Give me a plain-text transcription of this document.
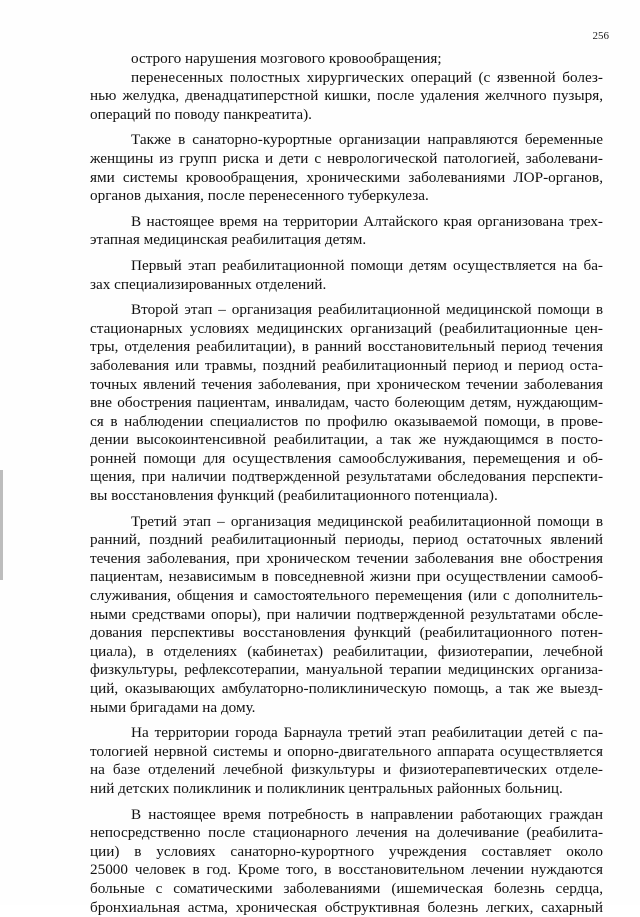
256
острого нарушения мозгового кровообращения;
перенесенных полостных хирургических операций (с язвенной болез-
нью желудка, двенадцатиперстной кишки, после удаления желчного пузыря,
операций по поводу панкреатита).
Также в санаторно-курортные организации направляются беременные
женщины из групп риска и дети с неврологической патологией, заболевани-
ями системы кровообращения, хроническими заболеваниями ЛОР-органов,
органов дыхания, после перенесенного туберкулеза.
В настоящее время на территории Алтайского края организована трех-
этапная медицинская реабилитация детям.
Первый этап реабилитационной помощи детям осуществляется на ба-
зах специализированных отделений.
Второй этап – организация реабилитационной медицинской помощи в
стационарных условиях медицинских организаций (реабилитационные цен-
тры, отделения реабилитации), в ранний восстановительный период течения
заболевания или травмы, поздний реабилитационный период и период оста-
точных явлений течения заболевания, при хроническом течении заболевания
вне обострения пациентам, инвалидам, часто болеющим детям, нуждающим-
ся в наблюдении специалистов по профилю оказываемой помощи, в прове-
дении высокоинтенсивной реабилитации, а так же нуждающимся в посто-
ронней помощи для осуществления самообслуживания, перемещения и об-
щения, при наличии подтвержденной результатами обследования перспекти-
вы восстановления функций (реабилитационного потенциала).
Третий этап – организация медицинской реабилитационной помощи в
ранний, поздний реабилитационный периоды, период остаточных явлений
течения заболевания, при хроническом течении заболевания вне обострения
пациентам, независимым в повседневной жизни при осуществлении самооб-
служивания, общения и самостоятельного перемещения (или с дополнитель-
ными средствами опоры), при наличии подтвержденной результатами обсле-
дования перспективы восстановления функций (реабилитационного потен-
циала), в отделениях (кабинетах) реабилитации, физиотерапии, лечебной
физкультуры, рефлексотерапии, мануальной терапии медицинских организа-
ций, оказывающих амбулаторно-поликлиническую помощь, а так же выезд-
ными бригадами на дому.
На территории города Барнаула третий этап реабилитации детей с па-
тологией нервной системы и опорно-двигательного аппарата осуществляется
на базе отделений лечебной физкультуры и физиотерапевтических отделе-
ний детских поликлиник и поликлиник центральных районных больниц.
В настоящее время потребность в направлении работающих граждан
непосредственно после стационарного лечения на долечивание (реабилита-
ции) в условиях санаторно-курортного учреждения составляет около
25000 человек в год. Кроме того, в восстановительном лечении нуждаются
больные с соматическими заболеваниями (ишемическая болезнь сердца,
бронхиальная астма, хроническая обструктивная болезнь легких, сахарный
